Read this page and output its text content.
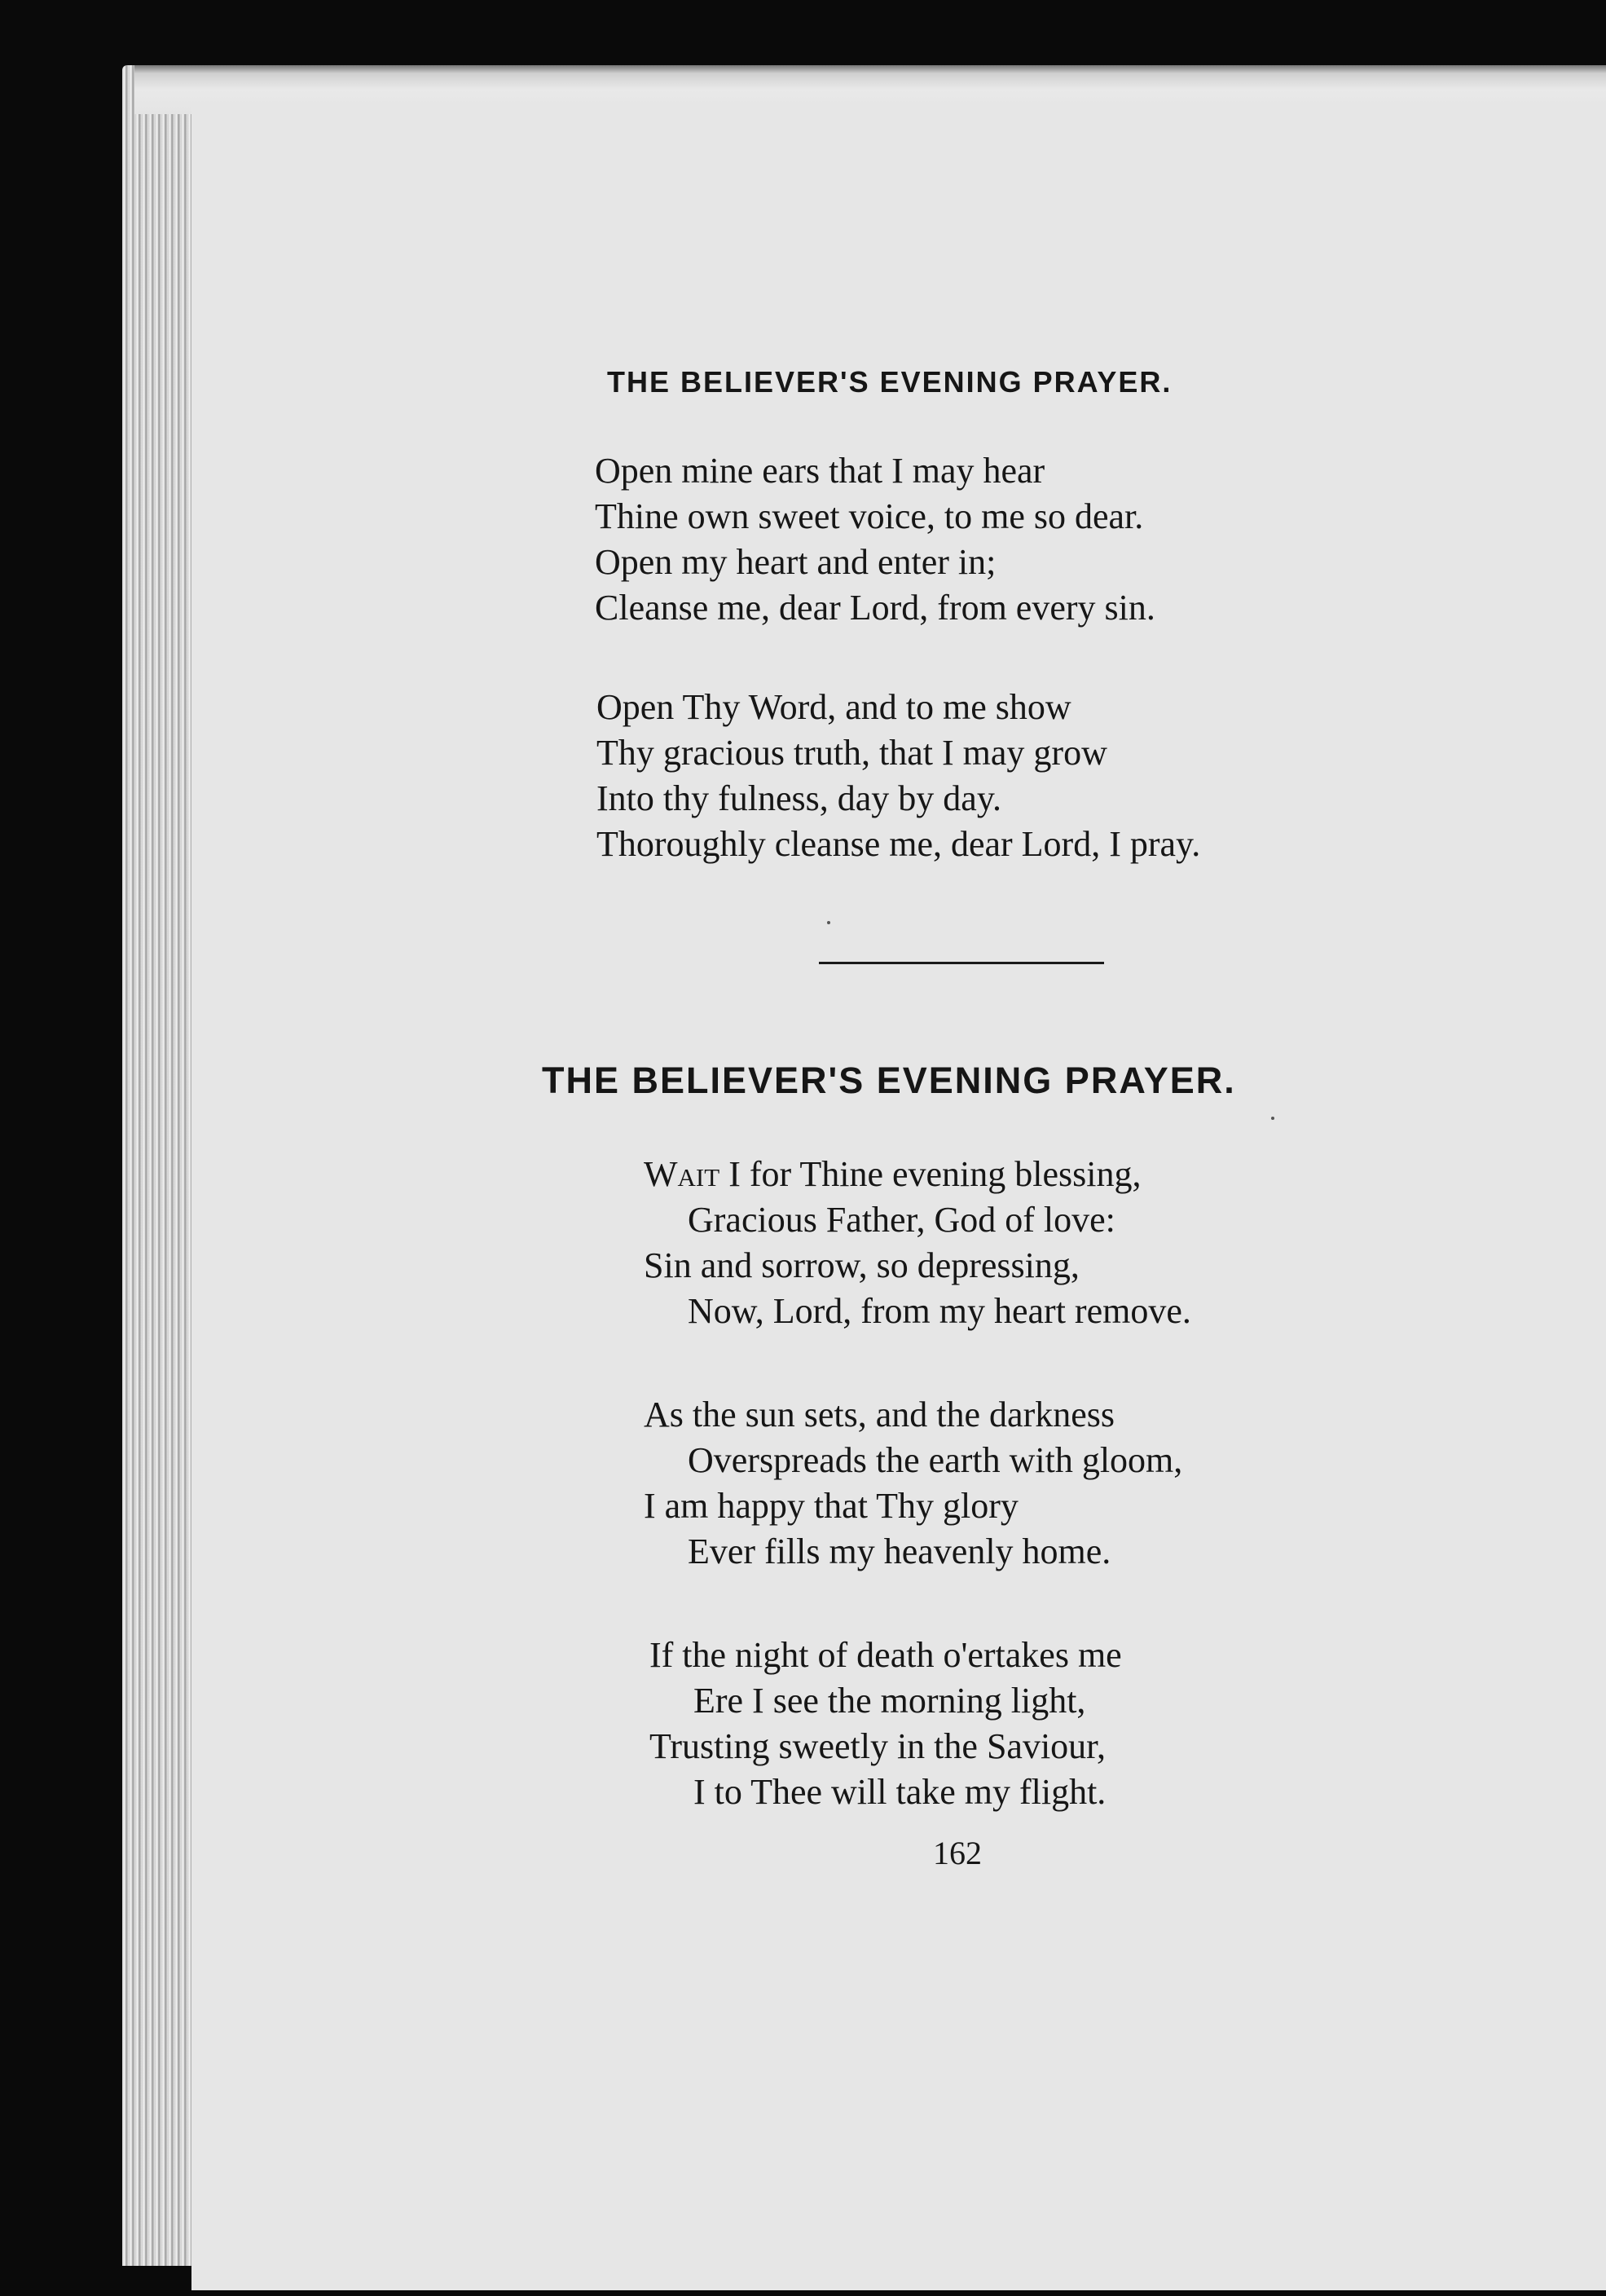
THE BELIEVER'S EVENING PRAYER.
Open mine ears that I may hear
Thine own sweet voice, to me so dear.
Open my heart and enter in;
Cleanse me, dear Lord, from every sin.
Open Thy Word, and to me show
Thy gracious truth, that I may grow
Into thy fulness, day by day.
Thoroughly cleanse me, dear Lord, I pray.
THE BELIEVER'S EVENING PRAYER.
Wait I for Thine evening blessing,
Gracious Father, God of love:
Sin and sorrow, so depressing,
Now, Lord, from my heart remove.
As the sun sets, and the darkness
Overspreads the earth with gloom,
I am happy that Thy glory
Ever fills my heavenly home.
If the night of death o'ertakes me
Ere I see the morning light,
Trusting sweetly in the Saviour,
I to Thee will take my flight.
162
